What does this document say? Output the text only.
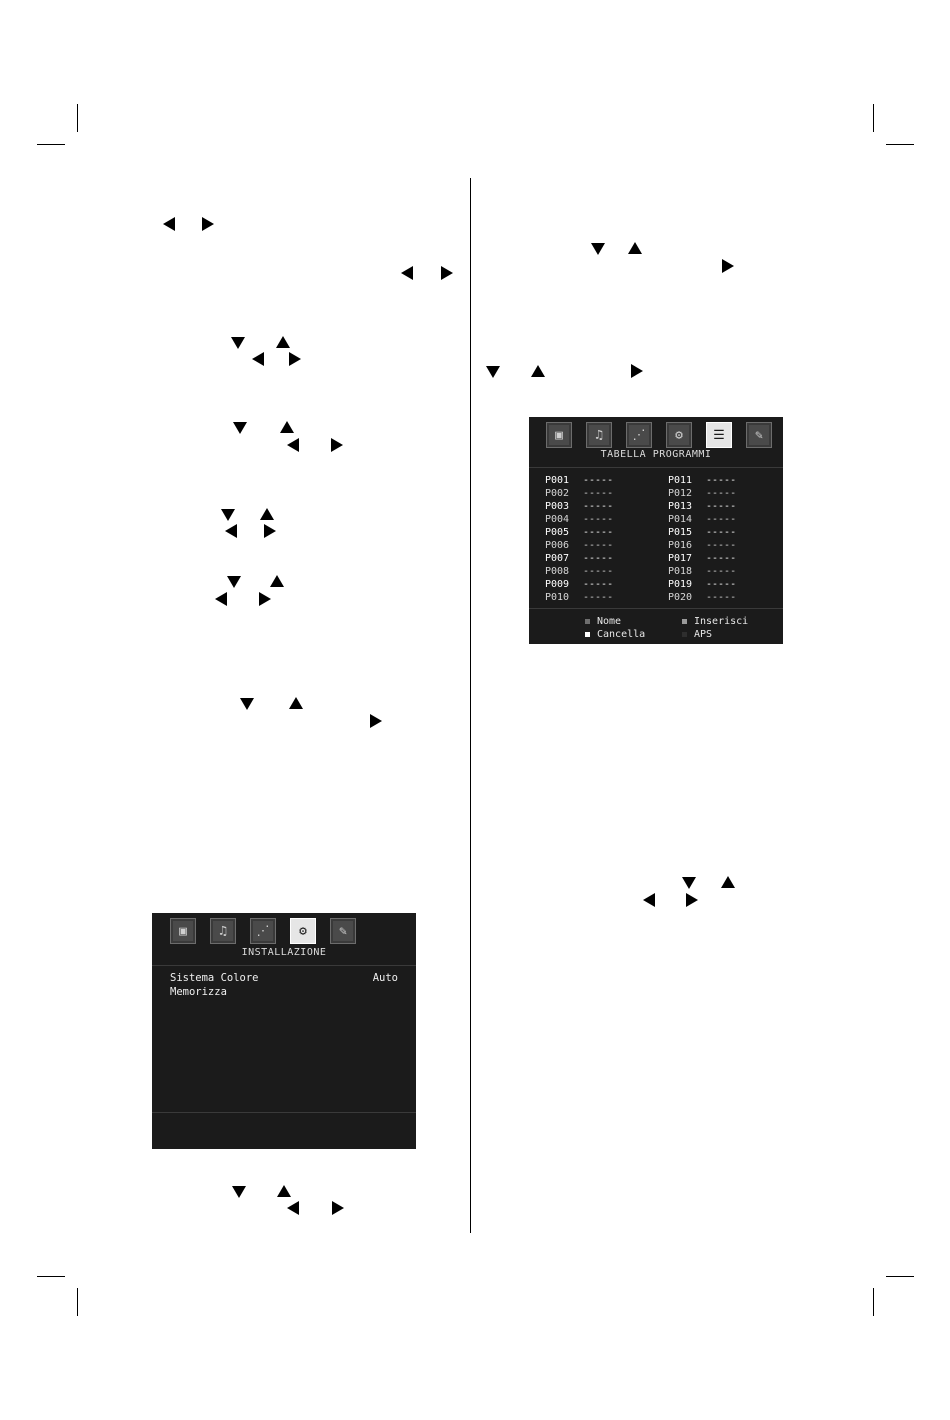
▣	♫	⋰	⚙	✎
INSTALLAZIONE
Sistema Colore	Auto
Memorizza
▣	♫	⋰	⚙	☰	✎
TABELLA PROGRAMMI
P001 -----
P002 -----
P003 -----
P004 -----
P005 -----
P006 -----
P007 -----
P008 -----
P009 -----
P010 -----
P011 -----
P012 -----
P013 -----
P014 -----
P015 -----
P016 -----
P017 -----
P018 -----
P019 -----
P020 -----
Nome	Inserisci
Cancella	APS
